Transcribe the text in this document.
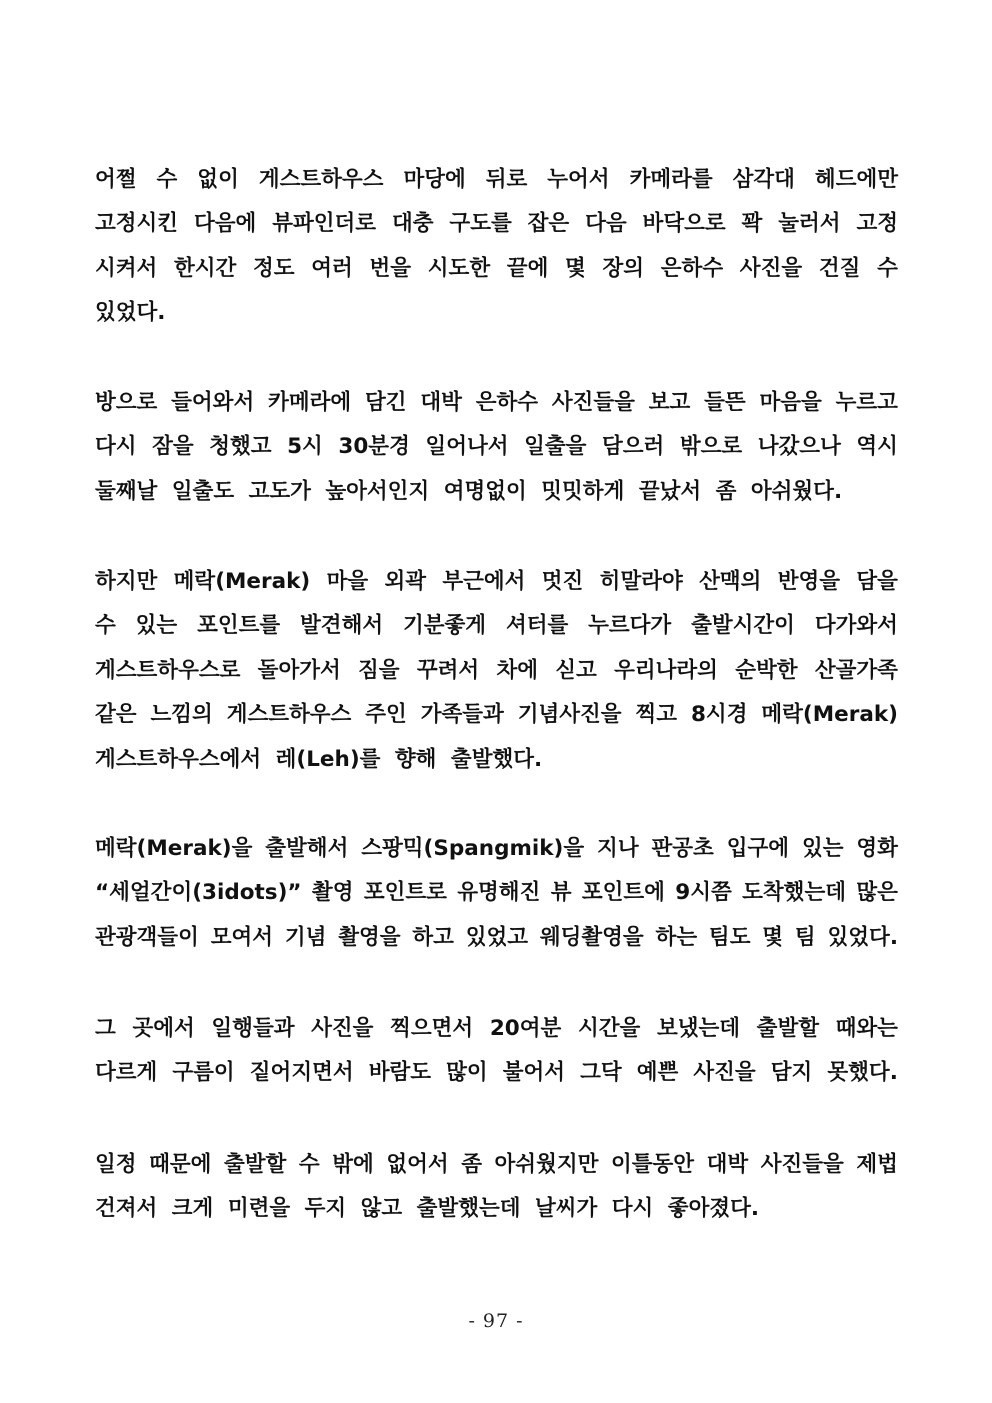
어쩔 수 없이 게스트하우스 마당에 뒤로 누어서 카메라를 삼각대 헤드에만
고정시킨 다음에 뷰파인더로 대충 구도를 잡은 다음 바닥으로 꽉 눌러서 고정
시켜서 한시간 정도 여러 번을 시도한 끝에 몇 장의 은하수 사진을 건질 수
있었다.
방으로 들어와서 카메라에 담긴 대박 은하수 사진들을 보고 들뜬 마음을 누르고
다시 잠을 청했고 5시 30분경 일어나서 일출을 담으러 밖으로 나갔으나 역시
둘째날 일출도 고도가 높아서인지 여명없이 밋밋하게 끝났서 좀 아쉬웠다.
하지만 메락(Merak) 마을 외곽 부근에서 멋진 히말라야 산맥의 반영을 담을
수 있는 포인트를 발견해서 기분좋게 셔터를 누르다가 출발시간이 다가와서
게스트하우스로 돌아가서 짐을 꾸려서 차에 싣고 우리나라의 순박한 산골가족
같은 느낌의 게스트하우스 주인 가족들과 기념사진을 찍고 8시경 메락(Merak)
게스트하우스에서 레(Leh)를 향해 출발했다.
메락(Merak)을 출발해서 스팡믹(Spangmik)을 지나 판공초 입구에 있는 영화
“세얼간이(3idots)” 촬영 포인트로 유명해진 뷰 포인트에 9시쯤 도착했는데 많은
관광객들이 모여서 기념 촬영을 하고 있었고 웨딩촬영을 하는 팀도 몇 팀 있었다.
그 곳에서 일행들과 사진을 찍으면서 20여분 시간을 보냈는데 출발할 때와는
다르게 구름이 짙어지면서 바람도 많이 불어서 그닥 예쁜 사진을 담지 못했다.
일정 때문에 출발할 수 밖에 없어서 좀 아쉬웠지만 이틀동안 대박 사진들을 제법
건져서 크게 미련을 두지 않고 출발했는데 날씨가 다시 좋아졌다.
- 97 -
